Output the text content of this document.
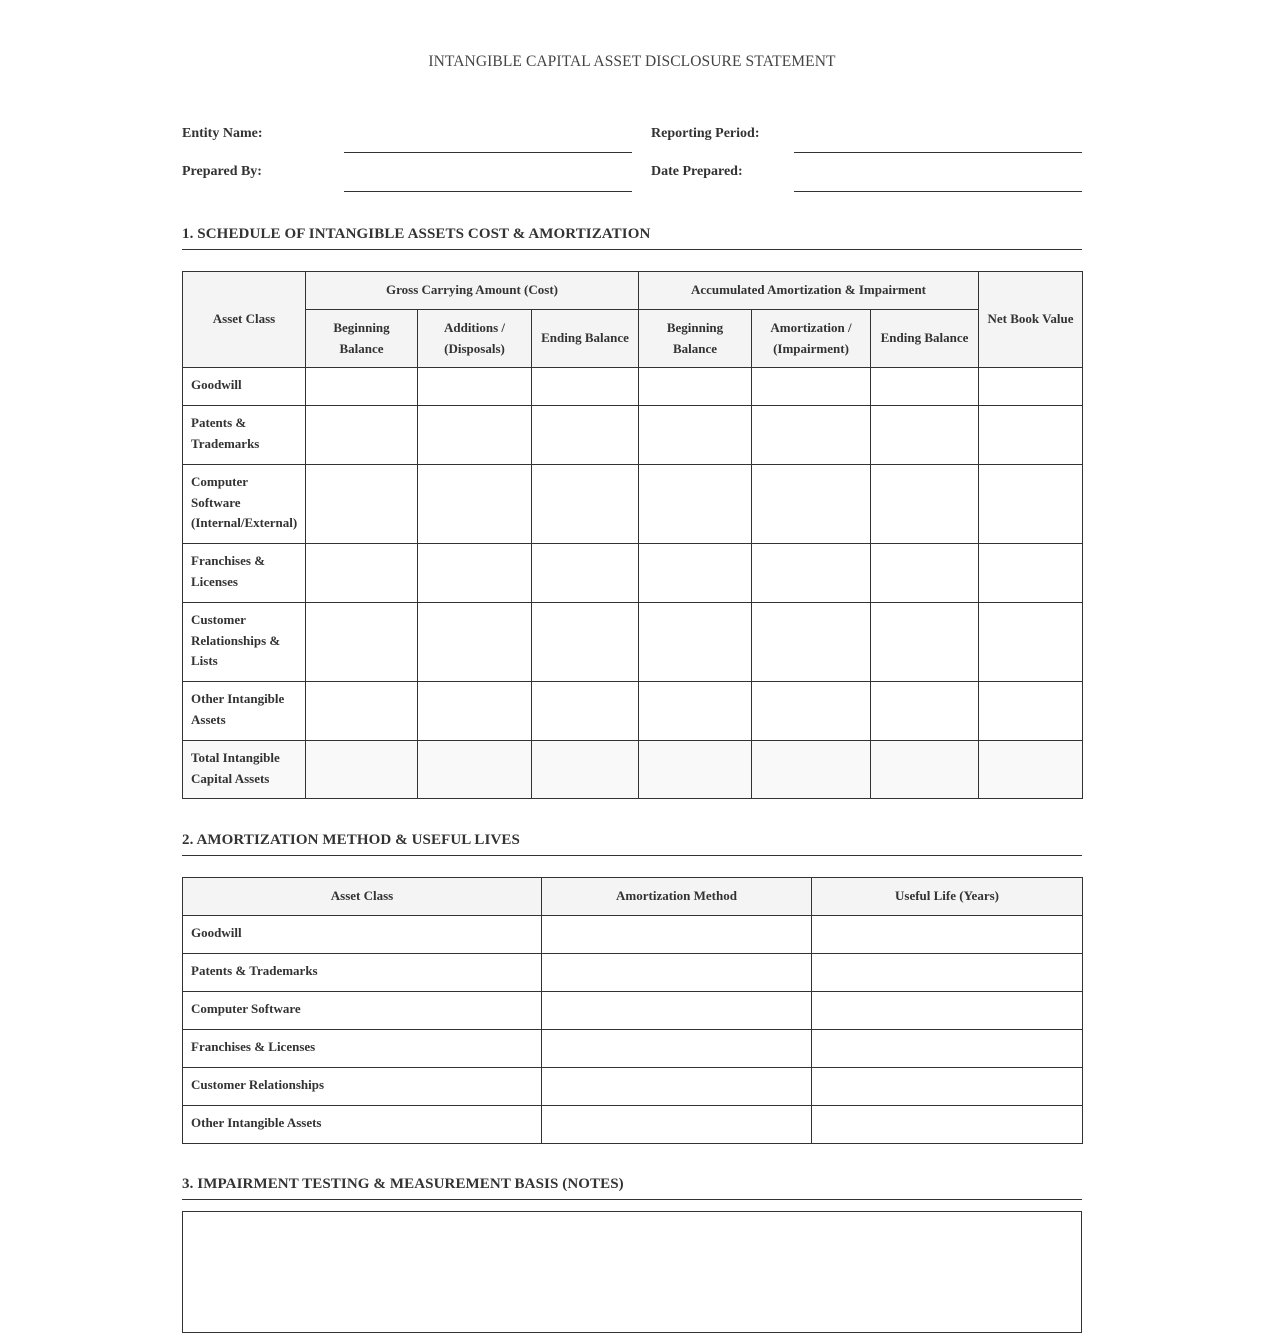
INTANGIBLE CAPITAL ASSET DISCLOSURE STATEMENT
Entity Name:	Reporting Period:
Prepared By:	Date Prepared:
1. SCHEDULE OF INTANGIBLE ASSETS COST & AMORTIZATION
Asset Class	Gross Carrying Amount (Cost)			Accumulated Amortization & Impairment			Net Book Value
	Beginning Balance	Additions / (Disposals)	Ending Balance	Beginning Balance	Amortization / (Impairment)	Ending Balance	
Goodwill							
Patents & Trademarks							
Computer Software (Internal/External)							
Franchises & Licenses							
Customer Relationships & Lists							
Other Intangible Assets							
Total Intangible Capital Assets							
2. AMORTIZATION METHOD & USEFUL LIVES
Asset Class	Amortization Method	Useful Life (Years)
Goodwill		
Patents & Trademarks		
Computer Software		
Franchises & Licenses		
Customer Relationships		
Other Intangible Assets		
3. IMPAIRMENT TESTING & MEASUREMENT BASIS (NOTES)
